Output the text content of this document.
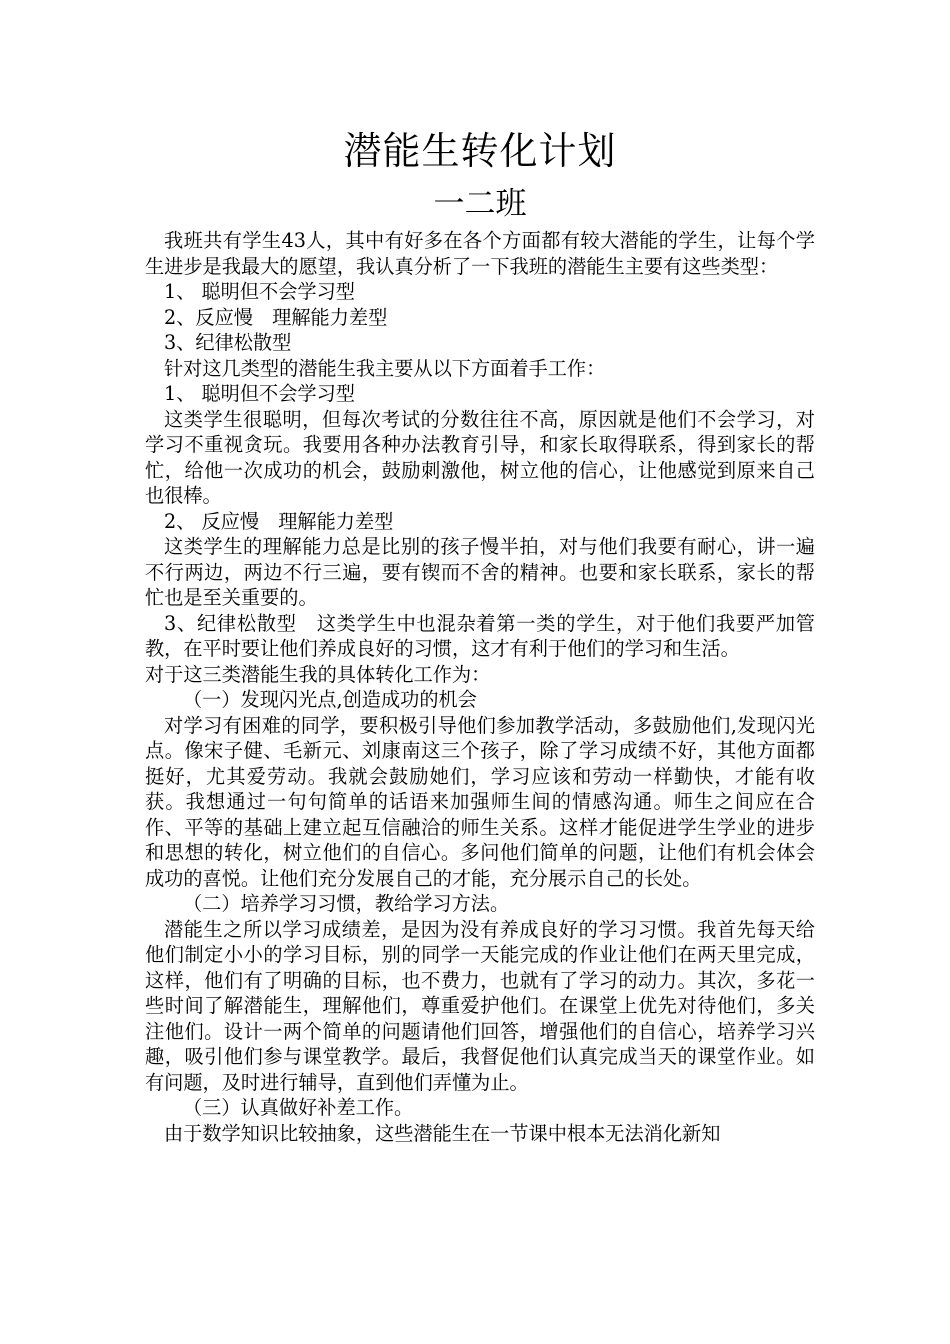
潜能生转化计划
一二班

我班共有学生43人，其中有好多在各个方面都有较大潜能的学生，让每个学生进步是我最大的愿望，我认真分析了一下我班的潜能生主要有这些类型：

1、 聪明但不会学习型

2、反应慢　理解能力差型

3、纪律松散型

针对这几类型的潜能生我主要从以下方面着手工作：

1、 聪明但不会学习型

这类学生很聪明，但每次考试的分数往往不高，原因就是他们不会学习，对学习不重视贪玩。我要用各种办法教育引导，和家长取得联系，得到家长的帮忙，给他一次成功的机会，鼓励刺激他，树立他的信心，让他感觉到原来自己也很棒。

2、 反应慢　理解能力差型

这类学生的理解能力总是比别的孩子慢半拍，对与他们我要有耐心，讲一遍不行两边，两边不行三遍，要有锲而不舍的精神。也要和家长联系，家长的帮忙也是至关重要的。

3、纪律松散型　这类学生中也混杂着第一类的学生，对于他们我要严加管教，在平时要让他们养成良好的习惯，这才有利于他们的学习和生活。

对于这三类潜能生我的具体转化工作为：

（一）发现闪光点,创造成功的机会

对学习有困难的同学，要积极引导他们参加教学活动，多鼓励他们,发现闪光点。像宋子健、毛新元、刘康南这三个孩子，除了学习成绩不好，其他方面都挺好，尤其爱劳动。我就会鼓励她们，学习应该和劳动一样勤快，才能有收获。我想通过一句句简单的话语来加强师生间的情感沟通。师生之间应在合作、平等的基础上建立起互信融洽的师生关系。这样才能促进学生学业的进步和思想的转化，树立他们的自信心。多问他们简单的问题，让他们有机会体会成功的喜悦。让他们充分发展自己的才能，充分展示自己的长处。

（二）培养学习习惯，教给学习方法。

潜能生之所以学习成绩差，是因为没有养成良好的学习习惯。我首先每天给他们制定小小的学习目标，别的同学一天能完成的作业让他们在两天里完成，这样，他们有了明确的目标，也不费力，也就有了学习的动力。其次，多花一些时间了解潜能生，理解他们，尊重爱护他们。在课堂上优先对待他们，多关注他们。设计一两个简单的问题请他们回答，增强他们的自信心，培养学习兴趣，吸引他们参与课堂教学。最后，我督促他们认真完成当天的课堂作业。如有问题，及时进行辅导，直到他们弄懂为止。

（三）认真做好补差工作。

由于数学知识比较抽象，这些潜能生在一节课中根本无法消化新知
